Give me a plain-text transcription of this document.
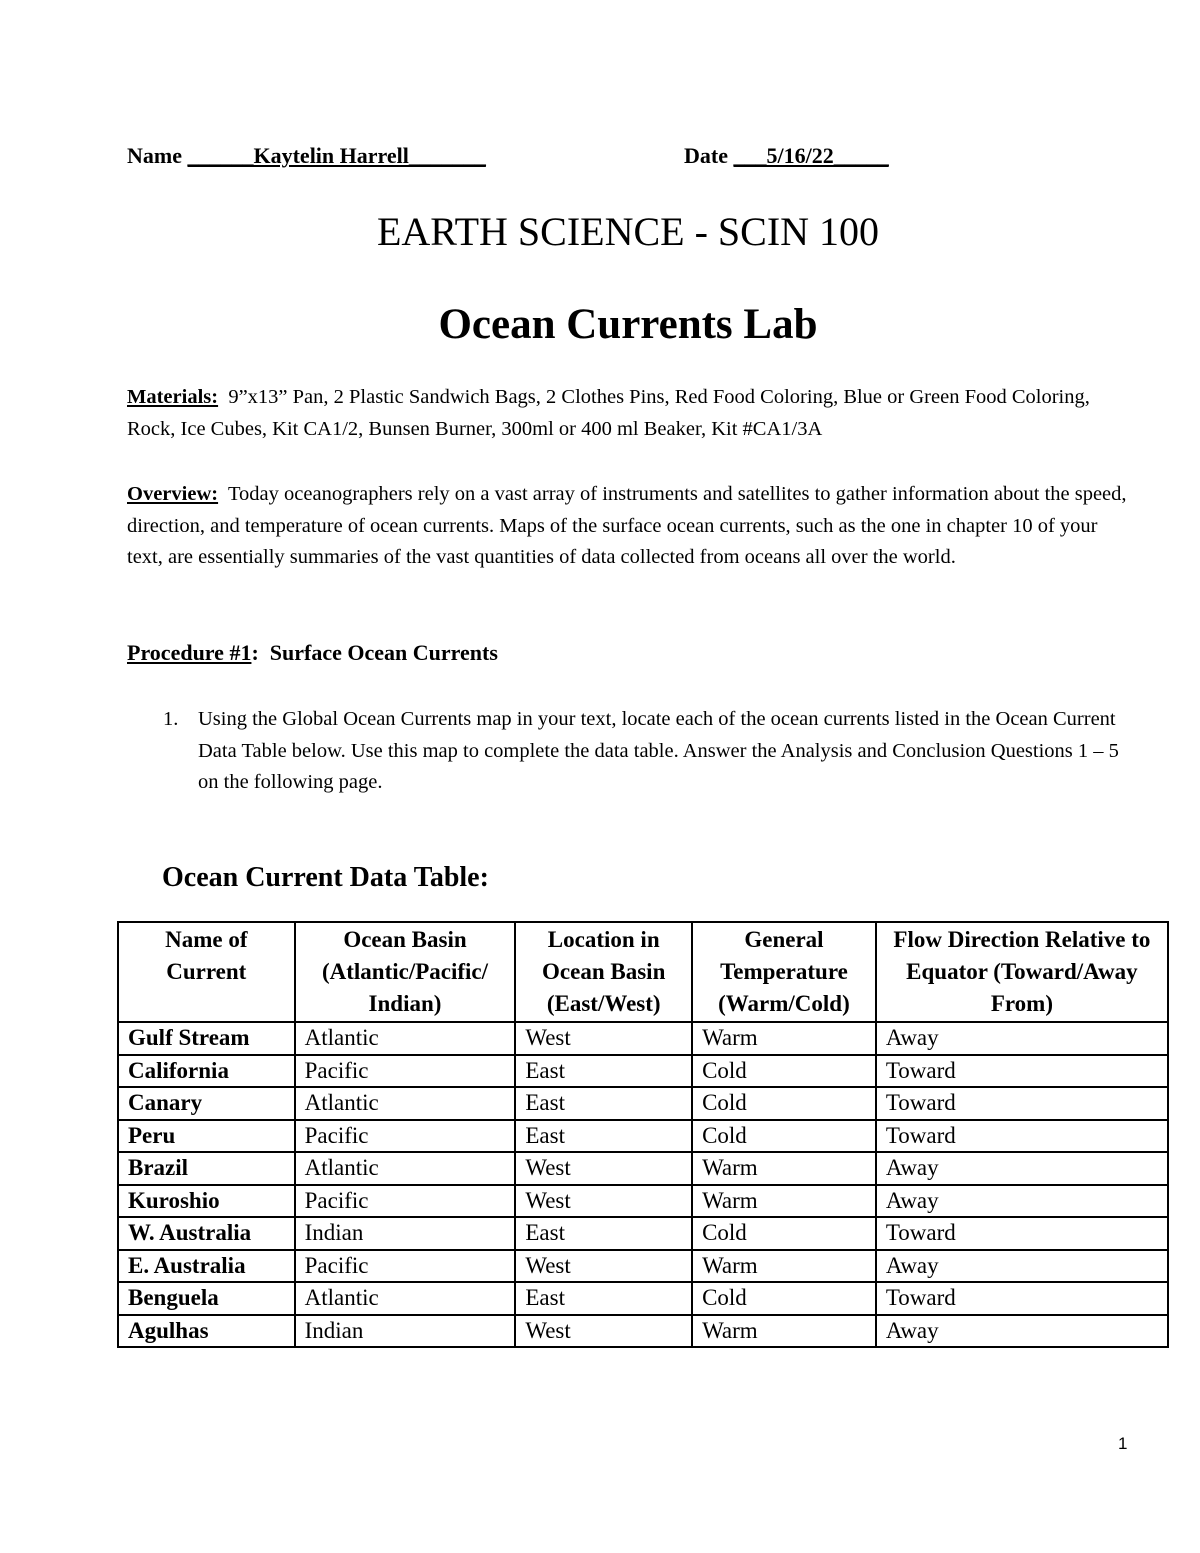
Name ______Kaytelin Harrell_______	Date ___5/16/22_____
EARTH SCIENCE - SCIN 100
Ocean Currents Lab
Materials: 9”x13” Pan, 2 Plastic Sandwich Bags, 2 Clothes Pins, Red Food Coloring, Blue or Green Food Coloring, Rock, Ice Cubes, Kit CA1/2, Bunsen Burner, 300ml or 400 ml Beaker, Kit #CA1/3A
Overview: Today oceanographers rely on a vast array of instruments and satellites to gather information about the speed, direction, and temperature of ocean currents. Maps of the surface ocean currents, such as the one in chapter 10 of your text, are essentially summaries of the vast quantities of data collected from oceans all over the world.
Procedure #1: Surface Ocean Currents
1. Using the Global Ocean Currents map in your text, locate each of the ocean currents listed in the Ocean Current Data Table below. Use this map to complete the data table. Answer the Analysis and Conclusion Questions 1 – 5 on the following page.
Ocean Current Data Table:
Name of Current	Ocean Basin (Atlantic/Pacific/ Indian)	Location in Ocean Basin (East/West)	General Temperature (Warm/Cold)	Flow Direction Relative to Equator (Toward/Away From)
Gulf Stream	Atlantic	West	Warm	Away
California	Pacific	East	Cold	Toward
Canary	Atlantic	East	Cold	Toward
Peru	Pacific	East	Cold	Toward
Brazil	Atlantic	West	Warm	Away
Kuroshio	Pacific	West	Warm	Away
W. Australia	Indian	East	Cold	Toward
E. Australia	Pacific	West	Warm	Away
Benguela	Atlantic	East	Cold	Toward
Agulhas	Indian	West	Warm	Away
1
